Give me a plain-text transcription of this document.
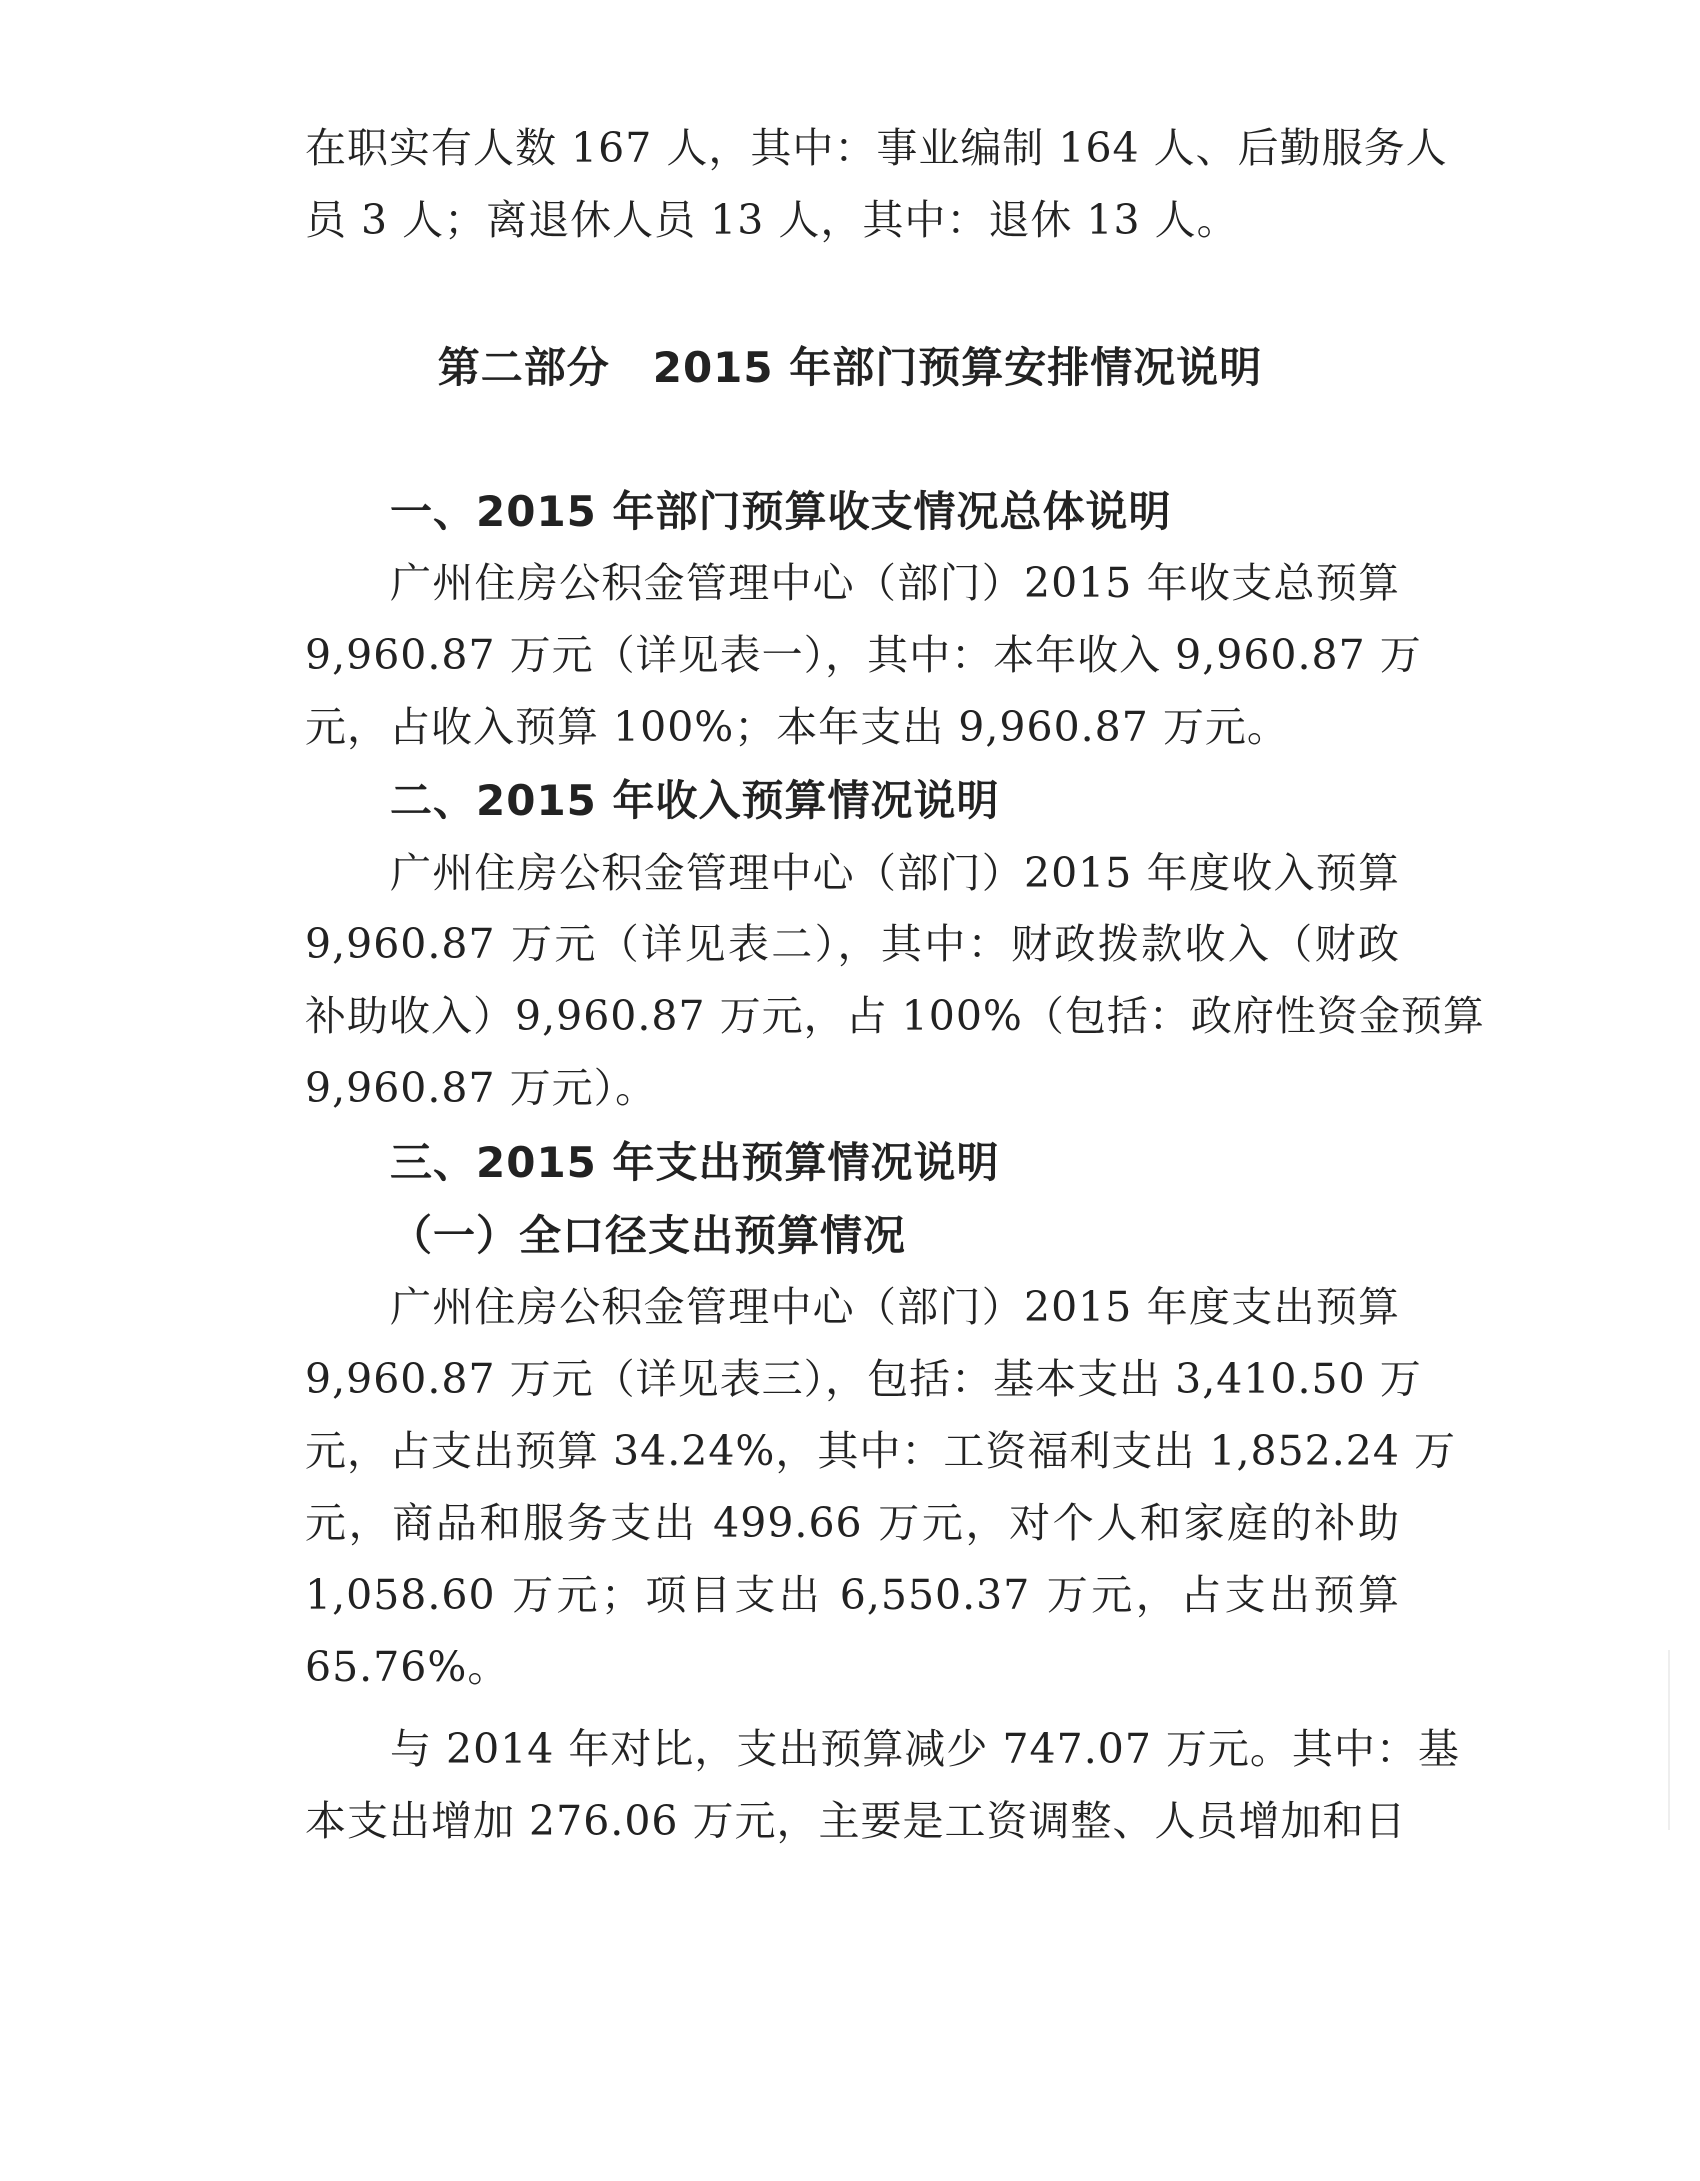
在职实有人数 167 人，其中：事业编制 164 人、后勤服务人
员 3 人；离退休人员 13 人，其中：退休 13 人。
第二部分　2015 年部门预算安排情况说明
一、2015 年部门预算收支情况总体说明
广州住房公积金管理中心（部门）2015 年收支总预算
9,960.87 万元（详见表一），其中：本年收入 9,960.87 万
元，占收入预算 100%；本年支出 9,960.87 万元。
二、2015 年收入预算情况说明
广州住房公积金管理中心（部门）2015 年度收入预算
9,960.87 万元（详见表二），其中：财政拨款收入（财政
补助收入）9,960.87 万元，占 100%（包括：政府性资金预算
9,960.87 万元）。
三、2015 年支出预算情况说明
（一）全口径支出预算情况
广州住房公积金管理中心（部门）2015 年度支出预算
9,960.87 万元（详见表三），包括：基本支出 3,410.50 万
元，占支出预算 34.24%，其中：工资福利支出 1,852.24 万
元，商品和服务支出 499.66 万元，对个人和家庭的补助
1,058.60 万元；项目支出 6,550.37 万元，占支出预算
65.76%。
与 2014 年对比，支出预算减少 747.07 万元。其中：基
本支出增加 276.06 万元，主要是工资调整、人员增加和日
